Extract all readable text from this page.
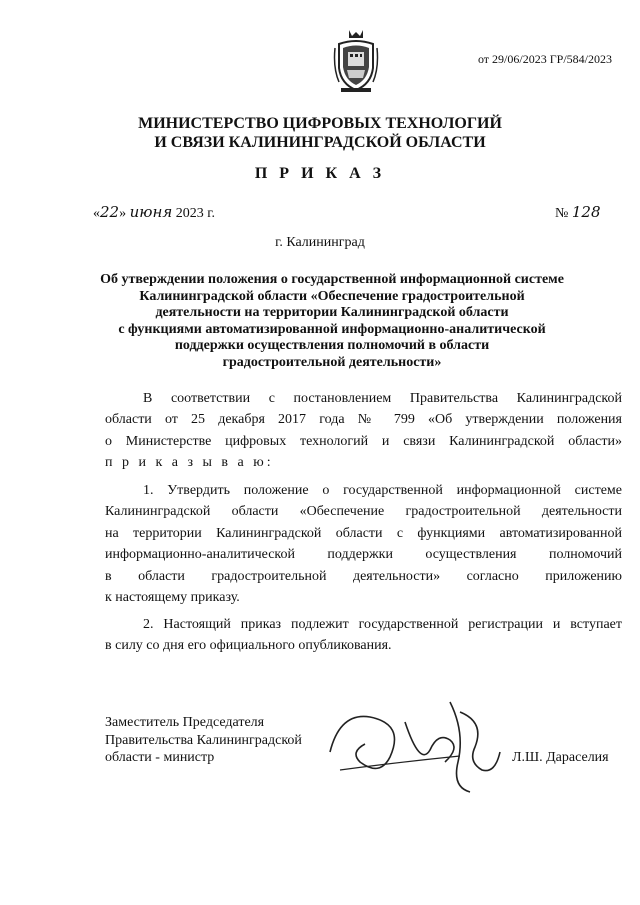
от 29/06/2023 ГР/584/2023
МИНИСТЕРСТВО ЦИФРОВЫХ ТЕХНОЛОГИЙ
И СВЯЗИ КАЛИНИНГРАДСКОЙ ОБЛАСТИ
П Р И К А З
«22» июня 2023 г.	№ 128
г. Калининград
Об утверждении положения о государственной информационной системе
Калининградской области «Обеспечение градостроительной
деятельности на территории Калининградской области
с функциями автоматизированной информационно-аналитической
поддержки осуществления полномочий в области
градостроительной деятельности»

В соответствии с постановлением Правительства Калининградской

области от 25 декабря 2017 года № 799 «Об утверждении положения

о Министерстве цифровых технологий и связи Калининградской области»

п р и к а з ы в а ю:

1. Утвердить положение о государственной информационной системе

Калининградской области «Обеспечение градостроительной деятельности

на территории Калининградской области с функциями автоматизированной

информационно-аналитической поддержки осуществления полномочий

в области градостроительной деятельности» согласно приложению

к настоящему приказу.

2. Настоящий приказ подлежит государственной регистрации и вступает

в силу со дня его официального опубликования.

Заместитель Председателя
Правительства Калининградской
области - министр	Л.Ш. Дараселия
